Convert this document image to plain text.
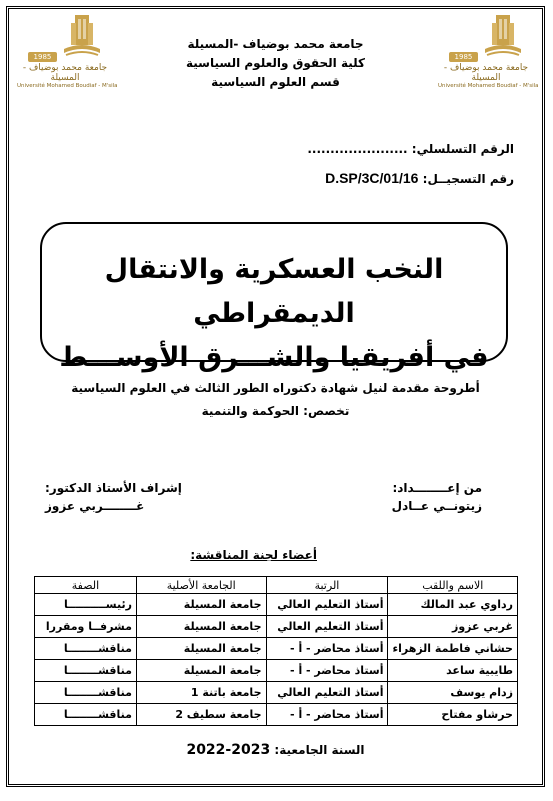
1985
جامعة محمد بوضياف - المسيلة
Université Mohamed Boudiaf - M'sila
1985
جامعة محمد بوضياف - المسيلة
Université Mohamed Boudiaf - M'sila
جامعة محمد بوضياف -المسيلة
كلية الحقوق والعلوم السياسية
قسم العلوم السياسية
الرقم التسلسلي: ......................
رقم التسجيــل: D.SP/3C/01/16
النخب العسكرية والانتقال الديمقراطي
في أفريقيا والشـــرق الأوســـط
أطروحة مقدمة لنيل شهادة دكتوراه الطور الثالث في العلوم السياسية
تخصص: الحوكمة والتنمية
من إعــــــــداد:
زيتونــي عــادل
إشراف الأستاذ الدكتور:
غــــــــربي عزوز
أعضاء لجنة المناقشة:
الاسم واللقب	الرتبة	الجامعة الأصلية	الصفة
رداوي عبد المالك	أستاذ التعليم العالي	جامعة المسيلة	رئيســــــــــا
غربي عزوز	أستاذ التعليم العالي	جامعة المسيلة	مشرفــا ومقررا
حشاني فاطمة الزهراء	أستاذ محاضر - أ -	جامعة المسيلة	مناقشــــــــا
طايبية ساعد	أستاذ محاضر - أ -	جامعة المسيلة	مناقشــــــــا
زدام يوسف	أستاذ التعليم العالي	جامعة باتنة 1	مناقشــــــــا
حرشاو مفتاح	أستاذ محاضر - أ -	جامعة سطيف 2	مناقشــــــــا
السنة الجامعية: 2022-2023
